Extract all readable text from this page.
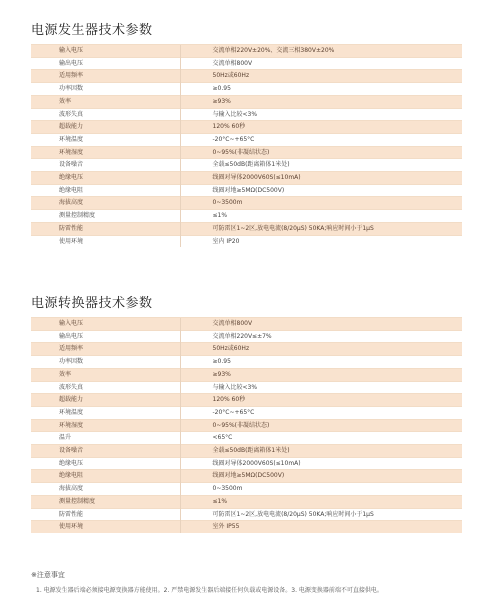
电源发生器技术参数
输入电压	交流单相220V±20%、交流三相380V±20%
输出电压	交流单相800V
适用频率	50Hz或60Hz
功率因数	≥0.95
效率	≥93%
波形失真	与输入比较<3%
超载能力	120% 60秒
环境温度	-20°C~+65°C
环境湿度	0~95%(非凝结状态)
设备噪音	全载≤50dB(距离箱体1米处)
绝缘电压	线圈对导体2000V60S(≤10mA)
绝缘电阻	线圈对地≥5MΩ(DC500V)
海拔高度	0~3500m
测量控制精度	≤1%
防雷性能	可防雷区1~2区,放电电流(8/20μS) 50KA;响应时间小于1μS
使用环境	室内 IP20
电源转换器技术参数
输入电压	交流单相800V
输出电压	交流单相220V≤±7%
适用频率	50Hz或60Hz
功率因数	≥0.95
效率	≥93%
波形失真	与输入比较<3%
超载能力	120% 60秒
环境温度	-20°C~+65°C
环境湿度	0~95%(非凝结状态)
温升	<65°C
设备噪音	全载≤50dB(距离箱体1米处)
绝缘电压	线圈对导体2000V60S(≤10mA)
绝缘电阻	线圈对地≥5MΩ(DC500V)
海拔高度	0~3500m
测量控制精度	≤1%
防雷性能	可防雷区1~2区,放电电流(8/20μS) 50KA;响应时间小于1μS
使用环境	室外 IP55
※注意事宜
1. 电源发生器后端必须接电源变换器方能使用。2. 严禁电源发生器后端接任何负载或电源设备。3. 电源变换器前端不可直接供电。
